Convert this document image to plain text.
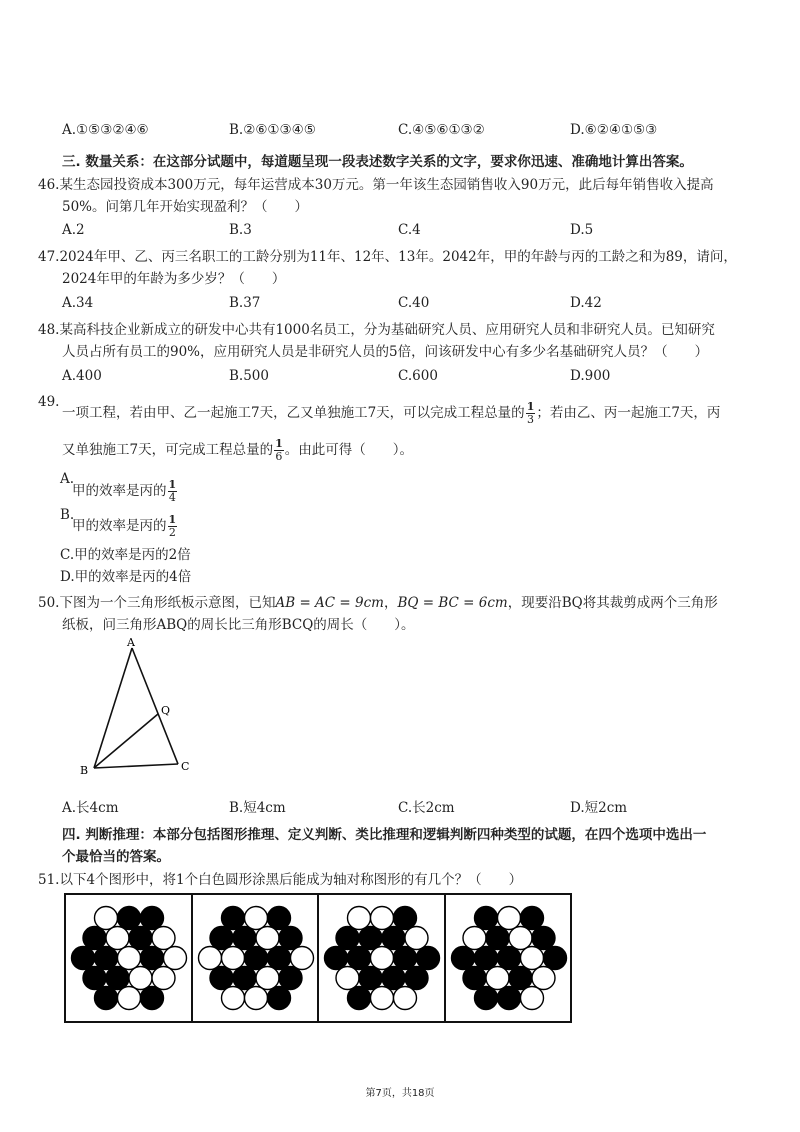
A.①⑤③②④⑥	B.②⑥①③④⑤	C.④⑤⑥①③②	D.⑥②④①⑤③
三. 数量关系：在这部分试题中，每道题呈现一段表述数字关系的文字，要求你迅速、准确地计算出答案。
46.某生态园投资成本300万元，每年运营成本30万元。第一年该生态园销售收入90万元，此后每年销售收入提高
50%。问第几年开始实现盈利？（　　）
A.2	B.3	C.4	D.5
47.2024年甲、乙、丙三名职工的工龄分别为11年、12年、13年。2042年，甲的年龄与丙的工龄之和为89，请问，
2024年甲的年龄为多少岁？（　　）
A.34	B.37	C.40	D.42
48.某高科技企业新成立的研发中心共有1000名员工，分为基础研究人员、应用研究人员和非研究人员。已知研究
人员占所有员工的90%，应用研究人员是非研究人员的5倍，问该研发中心有多少名基础研究人员？（　　）
A.400	B.500	C.600	D.900
49.
一项工程，若由甲、乙一起施工7天，乙又单独施工7天，可以完成工程总量的 $\frac{1}{3}$ ；若由乙、丙一起施工7天，丙
又单独施工7天，可完成工程总量的 $\frac{1}{6}$ 。由此可得（　　）。
A.
甲的效率是丙的 $\frac{1}{4}$
B.
甲的效率是丙的 $\frac{1}{2}$
C.甲的效率是丙的2倍
D.甲的效率是丙的4倍
50.下图为一个三角形纸板示意图，已知AB = AC = 9cm，BQ = BC = 6cm，现要沿BQ将其裁剪成两个三角形
纸板，问三角形ABQ的周长比三角形BCQ的周长（　　）。
A
Q
B	C
A.长4cm	B.短4cm	C.长2cm	D.短2cm
四. 判断推理：本部分包括图形推理、定义判断、类比推理和逻辑判断四种类型的试题，在四个选项中选出一
个最恰当的答案。
51.以下4个图形中，将1个白色圆形涂黑后能成为轴对称图形的有几个？（　　）
第7页，共18页
